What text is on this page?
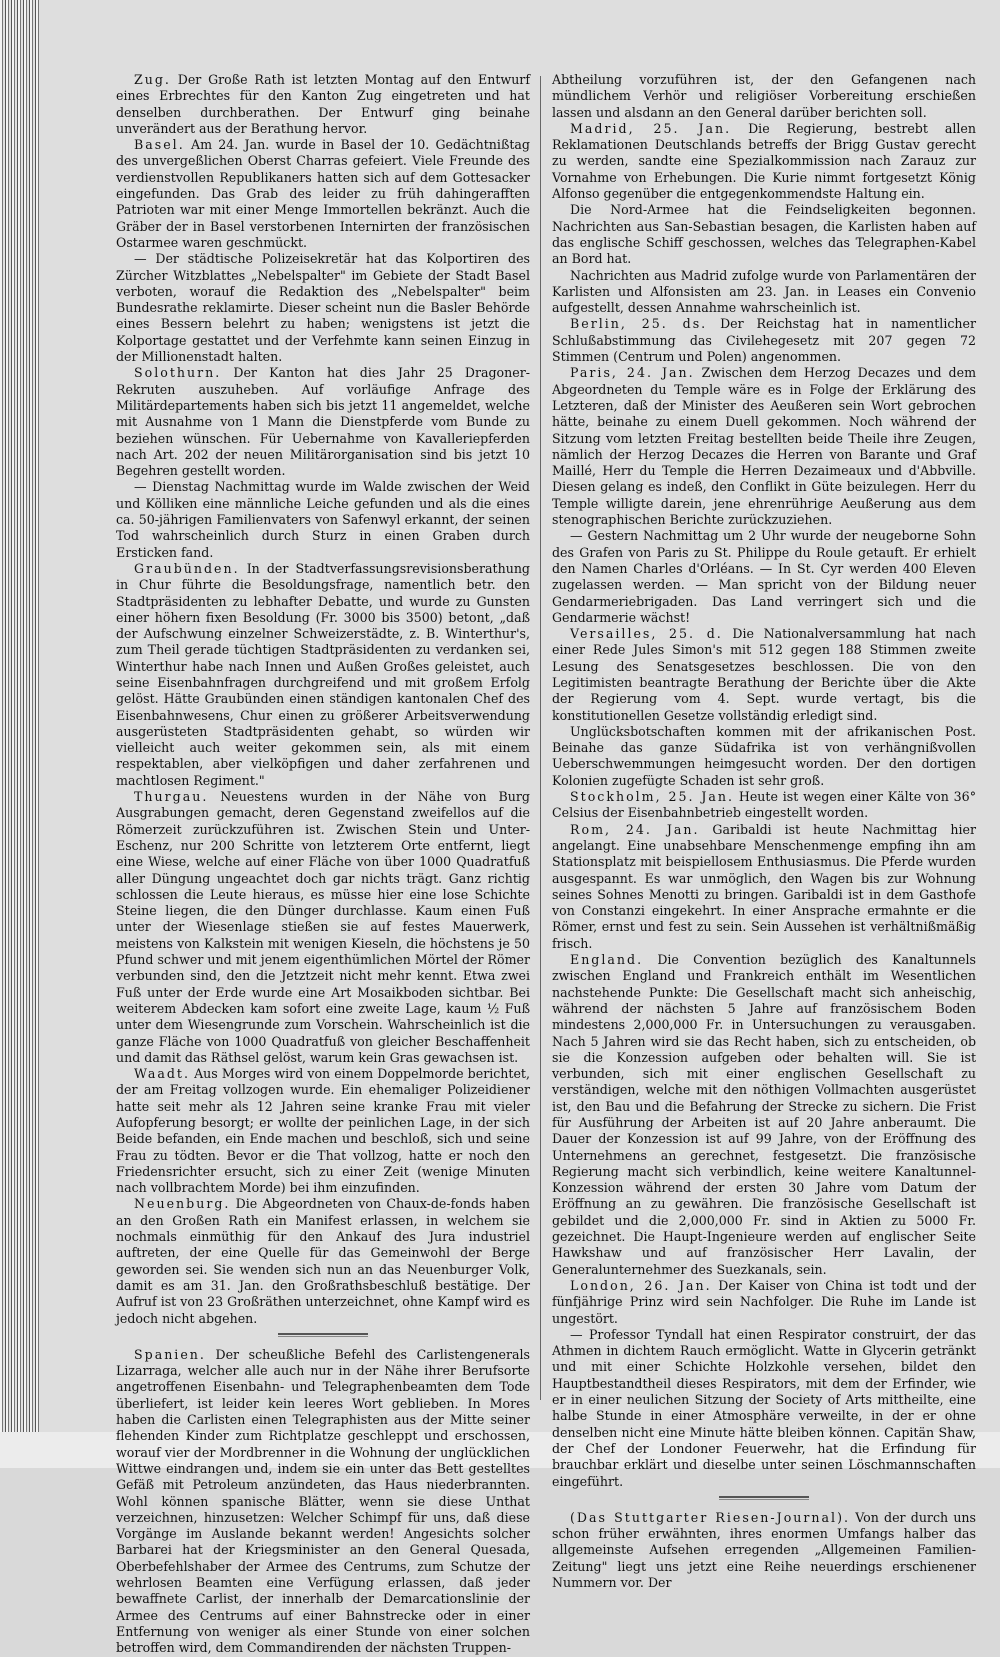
Zug. Der Große Rath ist letzten Montag auf den Entwurf eines Erbrechtes für den Kanton Zug eingetreten und hat denselben durchberathen. Der Entwurf ging beinahe unverändert aus der Berathung hervor.

Basel. Am 24. Jan. wurde in Basel der 10. Gedächtnißtag des unvergeßlichen Oberst Charras gefeiert. Viele Freunde des verdienstvollen Republikaners hatten sich auf dem Gottesacker eingefunden. Das Grab des leider zu früh dahingerafften Patrioten war mit einer Menge Immortellen bekränzt. Auch die Gräber der in Basel verstorbenen Internirten der französischen Ostarmee waren geschmückt.

— Der städtische Polizeisekretär hat das Kolportiren des Zürcher Witzblattes „Nebelspalter" im Gebiete der Stadt Basel verboten, worauf die Redaktion des „Nebelspalter" beim Bundesrathe reklamirte. Dieser scheint nun die Basler Behörde eines Bessern belehrt zu haben; wenigstens ist jetzt die Kolportage gestattet und der Verfehmte kann seinen Einzug in der Millionenstadt halten.

Solothurn. Der Kanton hat dies Jahr 25 Dragoner-Rekruten auszuheben. Auf vorläufige Anfrage des Militärdepartements haben sich bis jetzt 11 angemeldet, welche mit Ausnahme von 1 Mann die Dienstpferde vom Bunde zu beziehen wünschen. Für Uebernahme von Kavalleriepferden nach Art. 202 der neuen Militärorganisation sind bis jetzt 10 Begehren gestellt worden.

— Dienstag Nachmittag wurde im Walde zwischen der Weid und Kölliken eine männliche Leiche gefunden und als die eines ca. 50-jährigen Familienvaters von Safenwyl erkannt, der seinen Tod wahrscheinlich durch Sturz in einen Graben durch Ersticken fand.

Graubünden. In der Stadtverfassungsrevisionsberathung in Chur führte die Besoldungsfrage, namentlich betr. den Stadtpräsidenten zu lebhafter Debatte, und wurde zu Gunsten einer höhern fixen Besoldung (Fr. 3000 bis 3500) betont, „daß der Aufschwung einzelner Schweizerstädte, z. B. Winterthur's, zum Theil gerade tüchtigen Stadtpräsidenten zu verdanken sei, Winterthur habe nach Innen und Außen Großes geleistet, auch seine Eisenbahnfragen durchgreifend und mit großem Erfolg gelöst. Hätte Graubünden einen ständigen kantonalen Chef des Eisenbahnwesens, Chur einen zu größerer Arbeitsverwendung ausgerüsteten Stadtpräsidenten gehabt, so würden wir vielleicht auch weiter gekommen sein, als mit einem respektablen, aber vielköpfigen und daher zerfahrenen und machtlosen Regiment."

Thurgau. Neuestens wurden in der Nähe von Burg Ausgrabungen gemacht, deren Gegenstand zweifellos auf die Römerzeit zurückzuführen ist. Zwischen Stein und Unter-Eschenz, nur 200 Schritte von letzterem Orte entfernt, liegt eine Wiese, welche auf einer Fläche von über 1000 Quadratfuß aller Düngung ungeachtet doch gar nichts trägt. Ganz richtig schlossen die Leute hieraus, es müsse hier eine lose Schichte Steine liegen, die den Dünger durchlasse. Kaum einen Fuß unter der Wiesenlage stießen sie auf festes Mauerwerk, meistens von Kalkstein mit wenigen Kieseln, die höchstens je 50 Pfund schwer und mit jenem eigenthümlichen Mörtel der Römer verbunden sind, den die Jetztzeit nicht mehr kennt. Etwa zwei Fuß unter der Erde wurde eine Art Mosaikboden sichtbar. Bei weiterem Abdecken kam sofort eine zweite Lage, kaum ½ Fuß unter dem Wiesengrunde zum Vorschein. Wahrscheinlich ist die ganze Fläche von 1000 Quadratfuß von gleicher Beschaffenheit und damit das Räthsel gelöst, warum kein Gras gewachsen ist.

Waadt. Aus Morges wird von einem Doppelmorde berichtet, der am Freitag vollzogen wurde. Ein ehemaliger Polizeidiener hatte seit mehr als 12 Jahren seine kranke Frau mit vieler Aufopferung besorgt; er wollte der peinlichen Lage, in der sich Beide befanden, ein Ende machen und beschloß, sich und seine Frau zu tödten. Bevor er die That vollzog, hatte er noch den Friedensrichter ersucht, sich zu einer Zeit (wenige Minuten nach vollbrachtem Morde) bei ihm einzufinden.

Neuenburg. Die Abgeordneten von Chaux-de-fonds haben an den Großen Rath ein Manifest erlassen, in welchem sie nochmals einmüthig für den Ankauf des Jura industriel auftreten, der eine Quelle für das Gemeinwohl der Berge geworden sei. Sie wenden sich nun an das Neuenburger Volk, damit es am 31. Jan. den Großrathsbeschluß bestätige. Der Aufruf ist von 23 Großräthen unterzeichnet, ohne Kampf wird es jedoch nicht abgehen.

Spanien. Der scheußliche Befehl des Carlistengenerals Lizarraga, welcher alle auch nur in der Nähe ihrer Berufsorte angetroffenen Eisenbahn- und Telegraphenbeamten dem Tode überliefert, ist leider kein leeres Wort geblieben. In Mores haben die Carlisten einen Telegraphisten aus der Mitte seiner flehenden Kinder zum Richtplatze geschleppt und erschossen, worauf vier der Mordbrenner in die Wohnung der unglücklichen Wittwe eindrangen und, indem sie ein unter das Bett gestelltes Gefäß mit Petroleum anzündeten, das Haus niederbrannten. Wohl können spanische Blätter, wenn sie diese Unthat verzeichnen, hinzusetzen: Welcher Schimpf für uns, daß diese Vorgänge im Auslande bekannt werden! Angesichts solcher Barbarei hat der Kriegsminister an den General Quesada, Oberbefehlshaber der Armee des Centrums, zum Schutze der wehrlosen Beamten eine Verfügung erlassen, daß jeder bewaffnete Carlist, der innerhalb der Demarcationslinie der Armee des Centrums auf einer Bahnstrecke oder in einer Entfernung von weniger als einer Stunde von einer solchen betroffen wird, dem Commandirenden der nächsten Truppen-

Abtheilung vorzuführen ist, der den Gefangenen nach mündlichem Verhör und religiöser Vorbereitung erschießen lassen und alsdann an den General darüber berichten soll.

Madrid, 25. Jan. Die Regierung, bestrebt allen Reklamationen Deutschlands betreffs der Brigg Gustav gerecht zu werden, sandte eine Spezialkommission nach Zarauz zur Vornahme von Erhebungen. Die Kurie nimmt fortgesetzt König Alfonso gegenüber die entgegenkommendste Haltung ein.

Die Nord-Armee hat die Feindseligkeiten begonnen. Nachrichten aus San-Sebastian besagen, die Karlisten haben auf das englische Schiff geschossen, welches das Telegraphen-Kabel an Bord hat.

Nachrichten aus Madrid zufolge wurde von Parlamentären der Karlisten und Alfonsisten am 23. Jan. in Leases ein Convenio aufgestellt, dessen Annahme wahrscheinlich ist.

Berlin, 25. ds. Der Reichstag hat in namentlicher Schlußabstimmung das Civilehegesetz mit 207 gegen 72 Stimmen (Centrum und Polen) angenommen.

Paris, 24. Jan. Zwischen dem Herzog Decazes und dem Abgeordneten du Temple wäre es in Folge der Erklärung des Letzteren, daß der Minister des Aeußeren sein Wort gebrochen hätte, beinahe zu einem Duell gekommen. Noch während der Sitzung vom letzten Freitag bestellten beide Theile ihre Zeugen, nämlich der Herzog Decazes die Herren von Barante und Graf Maillé, Herr du Temple die Herren Dezaimeaux und d'Abbville. Diesen gelang es indeß, den Conflikt in Güte beizulegen. Herr du Temple willigte darein, jene ehrenrührige Aeußerung aus dem stenographischen Berichte zurückzuziehen.

— Gestern Nachmittag um 2 Uhr wurde der neugeborne Sohn des Grafen von Paris zu St. Philippe du Roule getauft. Er erhielt den Namen Charles d'Orléans. — In St. Cyr werden 400 Eleven zugelassen werden. — Man spricht von der Bildung neuer Gendarmeriebrigaden. Das Land verringert sich und die Gendarmerie wächst!

Versailles, 25. d. Die Nationalversammlung hat nach einer Rede Jules Simon's mit 512 gegen 188 Stimmen zweite Lesung des Senatsgesetzes beschlossen. Die von den Legitimisten beantragte Berathung der Berichte über die Akte der Regierung vom 4. Sept. wurde vertagt, bis die konstitutionellen Gesetze vollständig erledigt sind.

Unglücksbotschaften kommen mit der afrikanischen Post. Beinahe das ganze Südafrika ist von verhängnißvollen Ueberschwemmungen heimgesucht worden. Der den dortigen Kolonien zugefügte Schaden ist sehr groß.

Stockholm, 25. Jan. Heute ist wegen einer Kälte von 36° Celsius der Eisenbahnbetrieb eingestellt worden.

Rom, 24. Jan. Garibaldi ist heute Nachmittag hier angelangt. Eine unabsehbare Menschenmenge empfing ihn am Stationsplatz mit beispiellosem Enthusiasmus. Die Pferde wurden ausgespannt. Es war unmöglich, den Wagen bis zur Wohnung seines Sohnes Menotti zu bringen. Garibaldi ist in dem Gasthofe von Constanzi eingekehrt. In einer Ansprache ermahnte er die Römer, ernst und fest zu sein. Sein Aussehen ist verhältnißmäßig frisch.

England. Die Convention bezüglich des Kanaltunnels zwischen England und Frankreich enthält im Wesentlichen nachstehende Punkte: Die Gesellschaft macht sich anheischig, während der nächsten 5 Jahre auf französischem Boden mindestens 2,000,000 Fr. in Untersuchungen zu verausgaben. Nach 5 Jahren wird sie das Recht haben, sich zu entscheiden, ob sie die Konzession aufgeben oder behalten will. Sie ist verbunden, sich mit einer englischen Gesellschaft zu verständigen, welche mit den nöthigen Vollmachten ausgerüstet ist, den Bau und die Befahrung der Strecke zu sichern. Die Frist für Ausführung der Arbeiten ist auf 20 Jahre anberaumt. Die Dauer der Konzession ist auf 99 Jahre, von der Eröffnung des Unternehmens an gerechnet, festgesetzt. Die französische Regierung macht sich verbindlich, keine weitere Kanaltunnel-Konzession während der ersten 30 Jahre vom Datum der Eröffnung an zu gewähren. Die französische Gesellschaft ist gebildet und die 2,000,000 Fr. sind in Aktien zu 5000 Fr. gezeichnet. Die Haupt-Ingenieure werden auf englischer Seite Hawkshaw und auf französischer Herr Lavalin, der Generalunternehmer des Suezkanals, sein.

London, 26. Jan. Der Kaiser von China ist todt und der fünfjährige Prinz wird sein Nachfolger. Die Ruhe im Lande ist ungestört.

— Professor Tyndall hat einen Respirator construirt, der das Athmen in dichtem Rauch ermöglicht. Watte in Glycerin getränkt und mit einer Schichte Holzkohle versehen, bildet den Hauptbestandtheil dieses Respirators, mit dem der Erfinder, wie er in einer neulichen Sitzung der Society of Arts mittheilte, eine halbe Stunde in einer Atmosphäre verweilte, in der er ohne denselben nicht eine Minute hätte bleiben können. Capitän Shaw, der Chef der Londoner Feuerwehr, hat die Erfindung für brauchbar erklärt und dieselbe unter seinen Löschmannschaften eingeführt.

(Das Stuttgarter Riesen-Journal). Von der durch uns schon früher erwähnten, ihres enormen Umfangs halber das allgemeinste Aufsehen erregenden „Allgemeinen Familien-Zeitung" liegt uns jetzt eine Reihe neuerdings erschienener Nummern vor. Der
